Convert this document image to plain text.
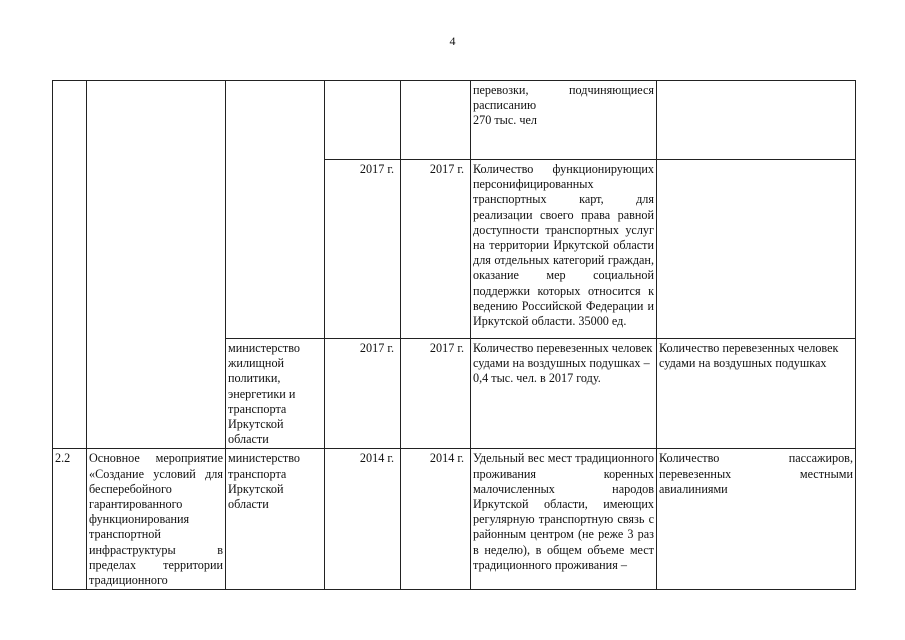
4
					перевозки, подчиняющиеся расписанию
270 тыс. чел	
			2017 г.	2017 г.	Количество функционирующих персонифицированных транспортных карт, для реализации своего права равной доступности транспортных услуг на территории Иркутской области для отдельных категорий граждан, оказание мер социальной поддержки которых относится к ведению Российской Федерации и Иркутской области. 35000 ед.	
		министерство жилищной политики, энергетики и транспорта Иркутской области	2017 г.	2017 г.	Количество перевезенных человек судами на воздушных подушках –
0,4 тыс. чел. в 2017 году.	Количество перевезенных человек судами на воздушных подушках
2.2	Основное мероприятие «Создание условий для бесперебойного гарантированного функционирования транспортной инфраструктуры в пределах территории традиционного	министерство транспорта Иркутской области	2014 г.	2014 г.	Удельный вес мест традиционного проживания коренных малочисленных народов Иркутской области, имеющих регулярную транспортную связь с районным центром (не реже 3 раз в неделю), в общем объеме мест традиционного проживания –	Количество пассажиров, перевезенных местными авиалиниями
